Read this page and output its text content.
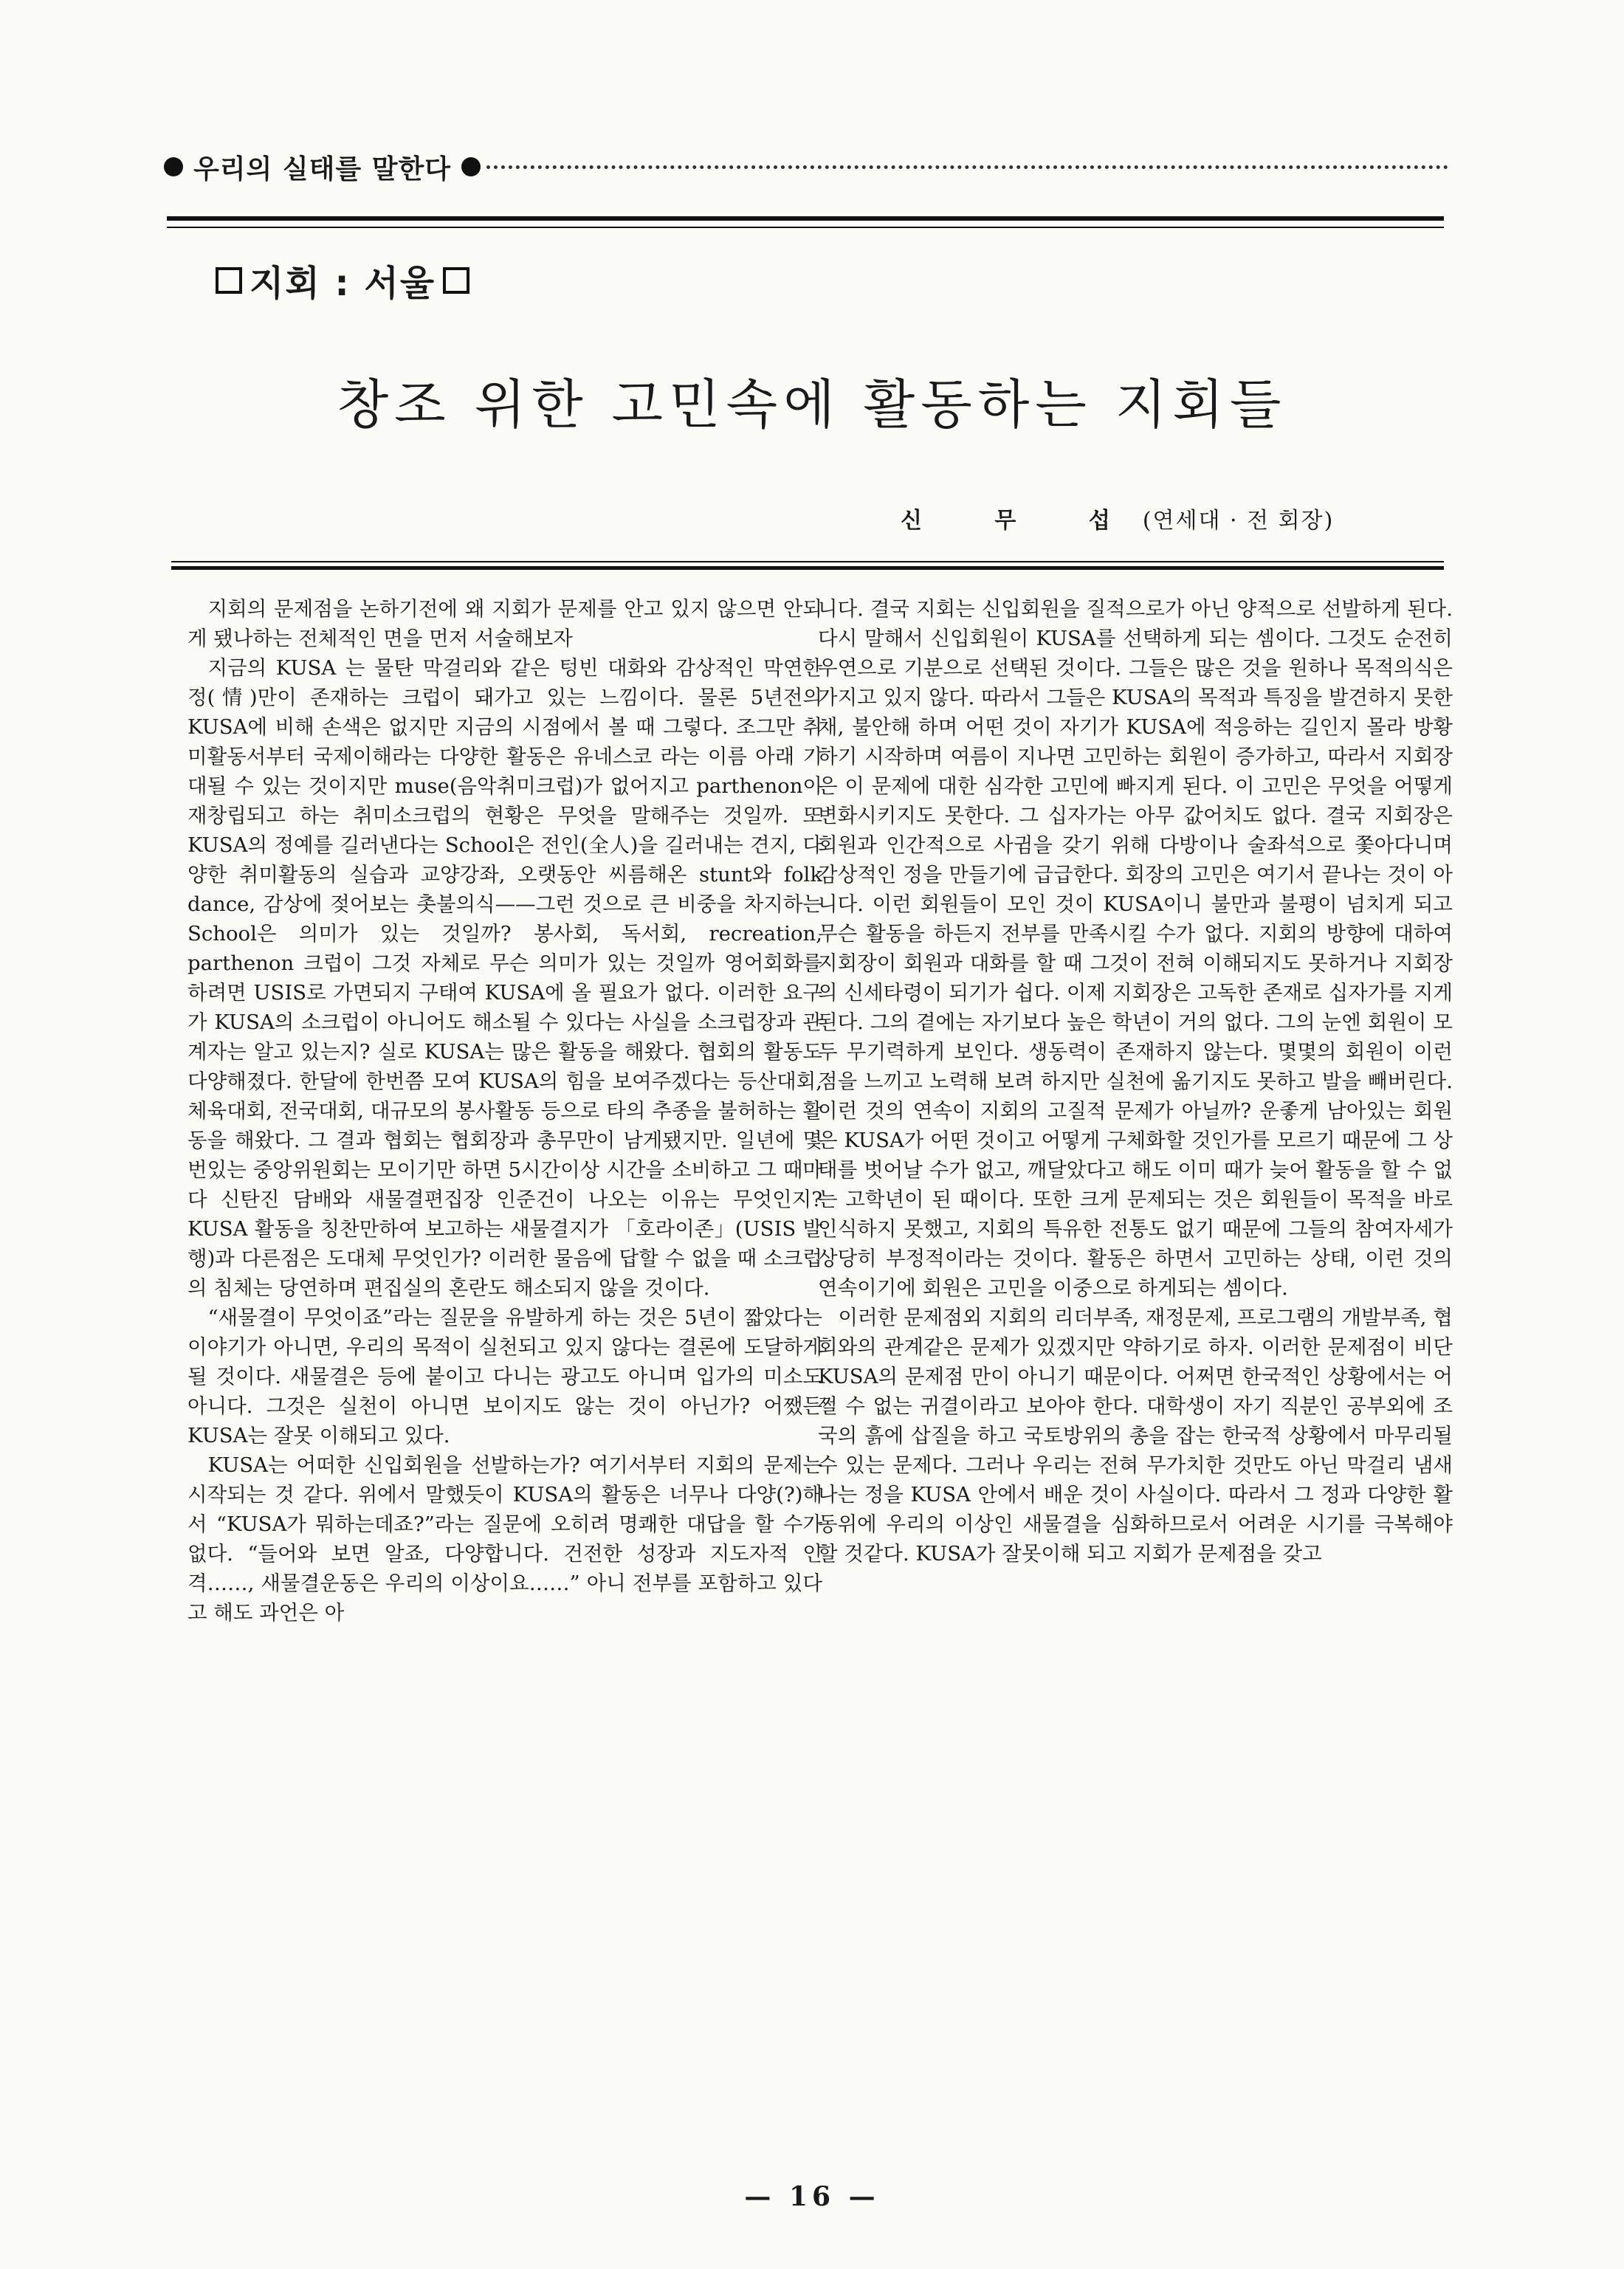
우리의 실태를 말한다
지회 : 서울
창조 위한 고민속에 활동하는 지회들
신 무 섭(연세대 · 전 회장)

지회의 문제점을 논하기전에 왜 지회가 문제를 안고 있지 않으면 안되게 됐나하는 전체적인 면을 먼저 서술해보자

지금의 KUSA 는 물탄 막걸리와 같은 텅빈 대화와 감상적인 막연한 정(情)만이 존재하는 크럽이 돼가고 있는 느낌이다. 물론 5년전의 KUSA에 비해 손색은 없지만 지금의 시점에서 볼 때 그렇다. 조그만 취미활동서부터 국제이해라는 다양한 활동은 유네스코 라는 이름 아래 기대될 수 있는 것이지만 muse(음악취미크럽)가 없어지고 parthenon이 재창립되고 하는 취미소크럽의 현황은 무엇을 말해주는 것일까. 또 KUSA의 정예를 길러낸다는 School은 전인(全人)을 길러내는 견지, 다양한 취미활동의 실습과 교양강좌, 오랫동안 씨름해온 stunt와 folk dance, 감상에 젖어보는 촛불의식——그런 것으로 큰 비중을 차지하는 School은 의미가 있는 것일까? 봉사회, 독서회, recreation, parthenon 크럽이 그것 자체로 무슨 의미가 있는 것일까 영어회화를 하려면 USIS로 가면되지 구태여 KUSA에 올 필요가 없다. 이러한 요구가 KUSA의 소크럽이 아니어도 해소될 수 있다는 사실을 소크럽장과 관계자는 알고 있는지? 실로 KUSA는 많은 활동을 해왔다. 협회의 활동도 다양해졌다. 한달에 한번쯤 모여 KUSA의 힘을 보여주겠다는 등산대회, 체육대회, 전국대회, 대규모의 봉사활동 등으로 타의 추종을 불허하는 활동을 해왔다. 그 결과 협회는 협회장과 총무만이 남게됐지만. 일년에 몇 번있는 중앙위원회는 모이기만 하면 5시간이상 시간을 소비하고 그 때마다 신탄진 담배와 새물결편집장 인준건이 나오는 이유는 무엇인지? KUSA 활동을 칭찬만하여 보고하는 새물결지가 「호라이존」(USIS 발행)과 다른점은 도대체 무엇인가? 이러한 물음에 답할 수 없을 때 소크럽의 침체는 당연하며 편집실의 혼란도 해소되지 않을 것이다.

“새물결이 무엇이죠”라는 질문을 유발하게 하는 것은 5년이 짧았다는 이야기가 아니면, 우리의 목적이 실천되고 있지 않다는 결론에 도달하게 될 것이다. 새물결은 등에 붙이고 다니는 광고도 아니며 입가의 미소도 아니다. 그것은 실천이 아니면 보이지도 않는 것이 아닌가? 어쨌든 KUSA는 잘못 이해되고 있다.

KUSA는 어떠한 신입회원을 선발하는가? 여기서부터 지회의 문제는 시작되는 것 같다. 위에서 말했듯이 KUSA의 활동은 너무나 다양(?)해서 “KUSA가 뭐하는데죠?”라는 질문에 오히려 명쾌한 대답을 할 수가 없다. “들어와 보면 알죠, 다양합니다. 건전한 성장과 지도자적 인격……, 새물결운동은 우리의 이상이요……” 아니 전부를 포함하고 있다고 해도 과언은 아

니다. 결국 지회는 신입회원을 질적으로가 아닌 양적으로 선발하게 된다. 다시 말해서 신입회원이 KUSA를 선택하게 되는 셈이다. 그것도 순전히 우연으로 기분으로 선택된 것이다. 그들은 많은 것을 원하나 목적의식은 가지고 있지 않다. 따라서 그들은 KUSA의 목적과 특징을 발견하지 못한 채, 불안해 하며 어떤 것이 자기가 KUSA에 적응하는 길인지 몰라 방황하기 시작하며 여름이 지나면 고민하는 회원이 증가하고, 따라서 지회장은 이 문제에 대한 심각한 고민에 빠지게 된다. 이 고민은 무엇을 어떻게 변화시키지도 못한다. 그 십자가는 아무 값어치도 없다. 결국 지회장은 회원과 인간적으로 사귐을 갖기 위해 다방이나 술좌석으로 쫓아다니며 감상적인 정을 만들기에 급급한다. 회장의 고민은 여기서 끝나는 것이 아니다. 이런 회원들이 모인 것이 KUSA이니 불만과 불평이 넘치게 되고 무슨 활동을 하든지 전부를 만족시킬 수가 없다. 지회의 방향에 대하여 지회장이 회원과 대화를 할 때 그것이 전혀 이해되지도 못하거나 지회장의 신세타령이 되기가 쉽다. 이제 지회장은 고독한 존재로 십자가를 지게된다. 그의 곁에는 자기보다 높은 학년이 거의 없다. 그의 눈엔 회원이 모두 무기력하게 보인다. 생동력이 존재하지 않는다. 몇몇의 회원이 이런 점을 느끼고 노력해 보려 하지만 실천에 옮기지도 못하고 발을 빼버린다. 이런 것의 연속이 지회의 고질적 문제가 아닐까? 운좋게 남아있는 회원은 KUSA가 어떤 것이고 어떻게 구체화할 것인가를 모르기 때문에 그 상태를 벗어날 수가 없고, 깨달았다고 해도 이미 때가 늦어 활동을 할 수 없는 고학년이 된 때이다. 또한 크게 문제되는 것은 회원들이 목적을 바로 인식하지 못했고, 지회의 특유한 전통도 없기 때문에 그들의 참여자세가 상당히 부정적이라는 것이다. 활동은 하면서 고민하는 상태, 이런 것의 연속이기에 회원은 고민을 이중으로 하게되는 셈이다.

이러한 문제점외 지회의 리더부족, 재정문제, 프로그램의 개발부족, 협회와의 관계같은 문제가 있겠지만 약하기로 하자. 이러한 문제점이 비단 KUSA의 문제점 만이 아니기 때문이다. 어쩌면 한국적인 상황에서는 어쩔 수 없는 귀결이라고 보아야 한다. 대학생이 자기 직분인 공부외에 조국의 흙에 삽질을 하고 국토방위의 총을 잡는 한국적 상황에서 마무리될 수 있는 문제다. 그러나 우리는 전혀 무가치한 것만도 아닌 막걸리 냄새나는 정을 KUSA 안에서 배운 것이 사실이다. 따라서 그 정과 다양한 활동위에 우리의 이상인 새물결을 심화하므로서 어려운 시기를 극복해야 할 것같다. KUSA가 잘못이해 되고 지회가 문제점을 갖고

— 16 —
